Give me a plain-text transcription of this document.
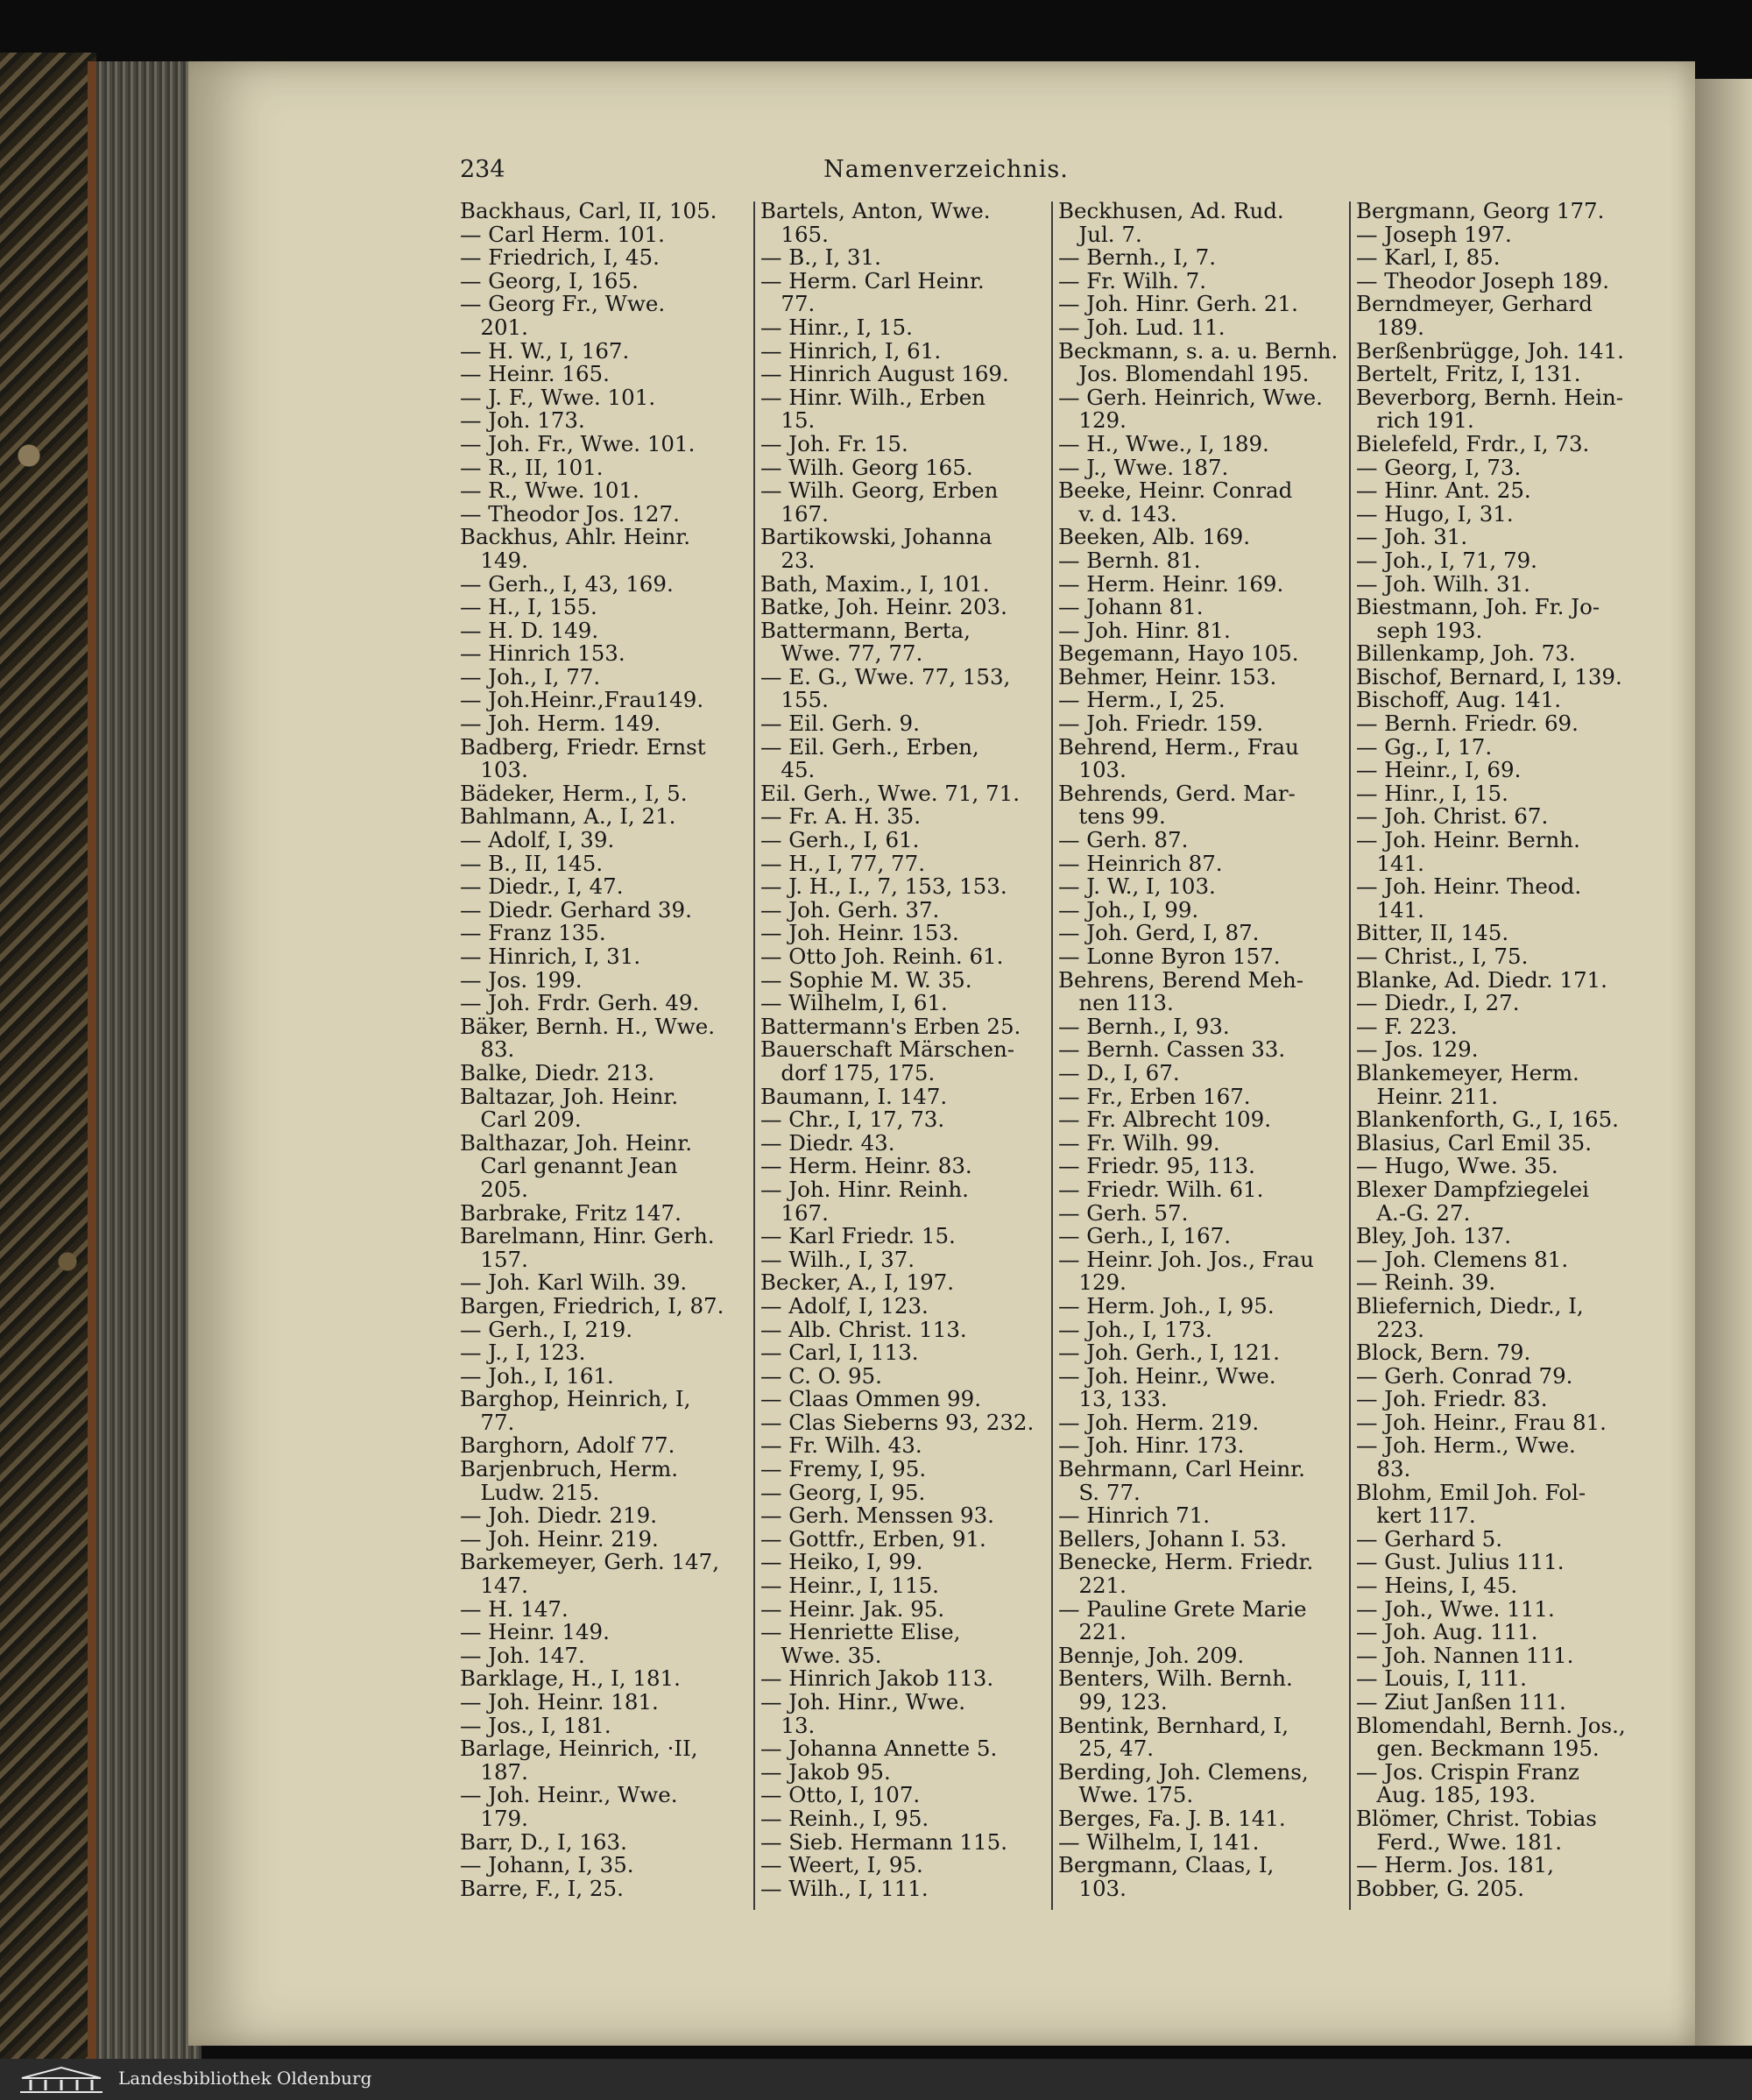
234	Namenverzeichnis.
Backhaus, Carl, II, 105.
— Carl Herm. 101.
— Friedrich, I, 45.
— Georg, I, 165.
— Georg Fr., Wwe.
201.
— H. W., I, 167.
— Heinr. 165.
— J. F., Wwe. 101.
— Joh. 173.
— Joh. Fr., Wwe. 101.
— R., II, 101.
— R., Wwe. 101.
— Theodor Jos. 127.
Backhus, Ahlr. Heinr.
149.
— Gerh., I, 43, 169.
— H., I, 155.
— H. D. 149.
— Hinrich 153.
— Joh., I, 77.
— Joh.Heinr.,Frau149.
— Joh. Herm. 149.
Badberg, Friedr. Ernst
103.
Bädeker, Herm., I, 5.
Bahlmann, A., I, 21.
— Adolf, I, 39.
— B., II, 145.
— Diedr., I, 47.
— Diedr. Gerhard 39.
— Franz 135.
— Hinrich, I, 31.
— Jos. 199.
— Joh. Frdr. Gerh. 49.
Bäker, Bernh. H., Wwe.
83.
Balke, Diedr. 213.
Baltazar, Joh. Heinr.
Carl 209.
Balthazar, Joh. Heinr.
Carl genannt Jean
205.
Barbrake, Fritz 147.
Barelmann, Hinr. Gerh.
157.
— Joh. Karl Wilh. 39.
Bargen, Friedrich, I, 87.
— Gerh., I, 219.
— J., I, 123.
— Joh., I, 161.
Barghop, Heinrich, I,
77.
Barghorn, Adolf 77.
Barjenbruch, Herm.
Ludw. 215.
— Joh. Diedr. 219.
— Joh. Heinr. 219.
Barkemeyer, Gerh. 147,
147.
— H. 147.
— Heinr. 149.
— Joh. 147.
Barklage, H., I, 181.
— Joh. Heinr. 181.
— Jos., I, 181.
Barlage, Heinrich, ·II,
187.
— Joh. Heinr., Wwe.
179.
Barr, D., I, 163.
— Johann, I, 35.
Barre, F., I, 25.
Bartels, Anton, Wwe.
165.
— B., I, 31.
— Herm. Carl Heinr.
77.
— Hinr., I, 15.
— Hinrich, I, 61.
— Hinrich August 169.
— Hinr. Wilh., Erben
15.
— Joh. Fr. 15.
— Wilh. Georg 165.
— Wilh. Georg, Erben
167.
Bartikowski, Johanna
23.
Bath, Maxim., I, 101.
Batke, Joh. Heinr. 203.
Battermann, Berta,
Wwe. 77, 77.
— E. G., Wwe. 77, 153,
155.
— Eil. Gerh. 9.
— Eil. Gerh., Erben,
45.
Eil. Gerh., Wwe. 71, 71.
— Fr. A. H. 35.
— Gerh., I, 61.
— H., I, 77, 77.
— J. H., I., 7, 153, 153.
— Joh. Gerh. 37.
— Joh. Heinr. 153.
— Otto Joh. Reinh. 61.
— Sophie M. W. 35.
— Wilhelm, I, 61.
Battermann's Erben 25.
Bauerschaft Märschen-
dorf 175, 175.
Baumann, I. 147.
— Chr., I, 17, 73.
— Diedr. 43.
— Herm. Heinr. 83.
— Joh. Hinr. Reinh.
167.
— Karl Friedr. 15.
— Wilh., I, 37.
Becker, A., I, 197.
— Adolf, I, 123.
— Alb. Christ. 113.
— Carl, I, 113.
— C. O. 95.
— Claas Ommen 99.
— Clas Sieberns 93, 232.
— Fr. Wilh. 43.
— Fremy, I, 95.
— Georg, I, 95.
— Gerh. Menssen 93.
— Gottfr., Erben, 91.
— Heiko, I, 99.
— Heinr., I, 115.
— Heinr. Jak. 95.
— Henriette Elise,
Wwe. 35.
— Hinrich Jakob 113.
— Joh. Hinr., Wwe.
13.
— Johanna Annette 5.
— Jakob 95.
— Otto, I, 107.
— Reinh., I, 95.
— Sieb. Hermann 115.
— Weert, I, 95.
— Wilh., I, 111.
Beckhusen, Ad. Rud.
Jul. 7.
— Bernh., I, 7.
— Fr. Wilh. 7.
— Joh. Hinr. Gerh. 21.
— Joh. Lud. 11.
Beckmann, s. a. u. Bernh.
Jos. Blomendahl 195.
— Gerh. Heinrich, Wwe.
129.
— H., Wwe., I, 189.
— J., Wwe. 187.
Beeke, Heinr. Conrad
v. d. 143.
Beeken, Alb. 169.
— Bernh. 81.
— Herm. Heinr. 169.
— Johann 81.
— Joh. Hinr. 81.
Begemann, Hayo 105.
Behmer, Heinr. 153.
— Herm., I, 25.
— Joh. Friedr. 159.
Behrend, Herm., Frau
103.
Behrends, Gerd. Mar-
tens 99.
— Gerh. 87.
— Heinrich 87.
— J. W., I, 103.
— Joh., I, 99.
— Joh. Gerd, I, 87.
— Lonne Byron 157.
Behrens, Berend Meh-
nen 113.
— Bernh., I, 93.
— Bernh. Cassen 33.
— D., I, 67.
— Fr., Erben 167.
— Fr. Albrecht 109.
— Fr. Wilh. 99.
— Friedr. 95, 113.
— Friedr. Wilh. 61.
— Gerh. 57.
— Gerh., I, 167.
— Heinr. Joh. Jos., Frau
129.
— Herm. Joh., I, 95.
— Joh., I, 173.
— Joh. Gerh., I, 121.
— Joh. Heinr., Wwe.
13, 133.
— Joh. Herm. 219.
— Joh. Hinr. 173.
Behrmann, Carl Heinr.
S. 77.
— Hinrich 71.
Bellers, Johann I. 53.
Benecke, Herm. Friedr.
221.
— Pauline Grete Marie
221.
Bennje, Joh. 209.
Benters, Wilh. Bernh.
99, 123.
Bentink, Bernhard, I,
25, 47.
Berding, Joh. Clemens,
Wwe. 175.
Berges, Fa. J. B. 141.
— Wilhelm, I, 141.
Bergmann, Claas, I,
103.
Bergmann, Georg 177.
— Joseph 197.
— Karl, I, 85.
— Theodor Joseph 189.
Berndmeyer, Gerhard
189.
Berßenbrügge, Joh. 141.
Bertelt, Fritz, I, 131.
Beverborg, Bernh. Hein-
rich 191.
Bielefeld, Frdr., I, 73.
— Georg, I, 73.
— Hinr. Ant. 25.
— Hugo, I, 31.
— Joh. 31.
— Joh., I, 71, 79.
— Joh. Wilh. 31.
Biestmann, Joh. Fr. Jo-
seph 193.
Billenkamp, Joh. 73.
Bischof, Bernard, I, 139.
Bischoff, Aug. 141.
— Bernh. Friedr. 69.
— Gg., I, 17.
— Heinr., I, 69.
— Hinr., I, 15.
— Joh. Christ. 67.
— Joh. Heinr. Bernh.
141.
— Joh. Heinr. Theod.
141.
Bitter, II, 145.
— Christ., I, 75.
Blanke, Ad. Diedr. 171.
— Diedr., I, 27.
— F. 223.
— Jos. 129.
Blankemeyer, Herm.
Heinr. 211.
Blankenforth, G., I, 165.
Blasius, Carl Emil 35.
— Hugo, Wwe. 35.
Blexer Dampfziegelei
A.-G. 27.
Bley, Joh. 137.
— Joh. Clemens 81.
— Reinh. 39.
Bliefernich, Diedr., I,
223.
Block, Bern. 79.
— Gerh. Conrad 79.
— Joh. Friedr. 83.
— Joh. Heinr., Frau 81.
— Joh. Herm., Wwe.
83.
Blohm, Emil Joh. Fol-
kert 117.
— Gerhard 5.
— Gust. Julius 111.
— Heins, I, 45.
— Joh., Wwe. 111.
— Joh. Aug. 111.
— Joh. Nannen 111.
— Louis, I, 111.
— Ziut Janßen 111.
Blomendahl, Bernh. Jos.,
gen. Beckmann 195.
— Jos. Crispin Franz
Aug. 185, 193.
Blömer, Christ. Tobias
Ferd., Wwe. 181.
— Herm. Jos. 181,
Bobber, G. 205.
Landesbibliothek Oldenburg
